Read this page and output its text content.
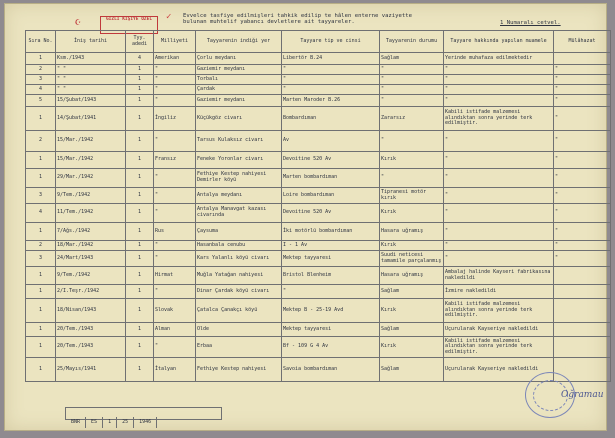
☪	GİZLİ KİŞİYE ÖZEL	✓	Evvelce tasfiye edilmişleri tahkik edilip te hâlen enterne vaziyette
bulunan muhtelif yabancı devletlere ait tayyareler.	1 Numaralı cetvel.
Sıra No.	İniş tarihi	Tyy. adedi	Milliyeti	Tayyarenin indiği yer	Tayyare tip ve cinsi	Tayyarenin durumu	Tayyare hakkında yapılan muamele	Mülâhazat
1	Ksm./1943	4	Amerikan	Çorlu meydanı	Libertör B.24	Sağlam	Yerinde muhafaza edilmektedir	
2	" "	1	"	Gaziemir meydanı	"	"	"	"
3	" "	1	"	Torbalı	"	"	"	"
4	" "	1	"	Çardak	"	"	"	"
5	15/Şubat/1943	1	"	Gaziemir meydanı	Marten Maroder B.26	"	"	"
1	14/Şubat/1941	1	İngiliz	Küçükgöz civarı	Bombardıman	Zararsız	Kabili istifade malzemesi alındıktan sonra yerinde terk edilmiştir.	"
2	15/Mar./1942	1	"	Tarsus Kulaksız civarı	Av	"	"	"
1	15/Mar./1942	1	Fransız	Feneke Yoronlar civarı	Devoitine 520 Av	Kırık	"	"
1	29/Mar./1942	1	"	Fethiye Kestep nahiyesi Demirler köyü	Marten bombardıman	"	"	"
3	9/Tem./1942	1	"	Antalya meydanı	Loire bombardıman	Tipranesi motör kırık	"	"
4	11/Tem./1942	1	"	Antalya Manavgat kazası civarında	Devoitine 520 Av	Kırık	"	"
1	7/Ağs./1942	1	Rus	Çaysuma	İki motörlü bombardıman	Hasara uğramış	"	"
2	18/Mar./1942	1	"	Hasanbala cenubu	I - 1 Av	Kırık	"	"
3	24/Mart/1943	1	"	Kars Yalanlı köyü civarı	Mektep tayyaresi	Suudi neticesi tamamile parçalanmış	"	"
1	9/Tem./1942	1	Hirmat	Muğla Yatağan nahiyesi	Bristol Blenheim	Hasara uğramış	Ambalaj halinde Kayseri fabrikasına nakledildi	
1	2/I.Teşr./1942	1	"	Dinar Çardak köyü civarı	"	Sağlam	İzmire nakledildi	
1	18/Nisan/1943	1	Slovak	Çatalca Çanakçı köyü	Mektep B - 25-19 Avd	Kırık	Kabili istifade malzemesi alındıktan sonra yerinde terk edilmiştir.	
1	20/Tem./1943	1	Alman	Olde	Mektep tayyaresi	Sağlam	Uçurularak Kayseriye nakledildi	
1	20/Tem./1943	1	"	Erbaa	Bf - 109 G 4 Av	Kırık	Kabili istifade malzemesi alındıktan sonra yerinde terk edilmiştir.	
1	25/Mayıs/1941	1	İtalyan	Fethiye Kestep nahiyesi	Savoia bombardıman	Sağlam	Uçurularak Kayseriye nakledildi	
BNR ES 1 25 1946
Oğramau
